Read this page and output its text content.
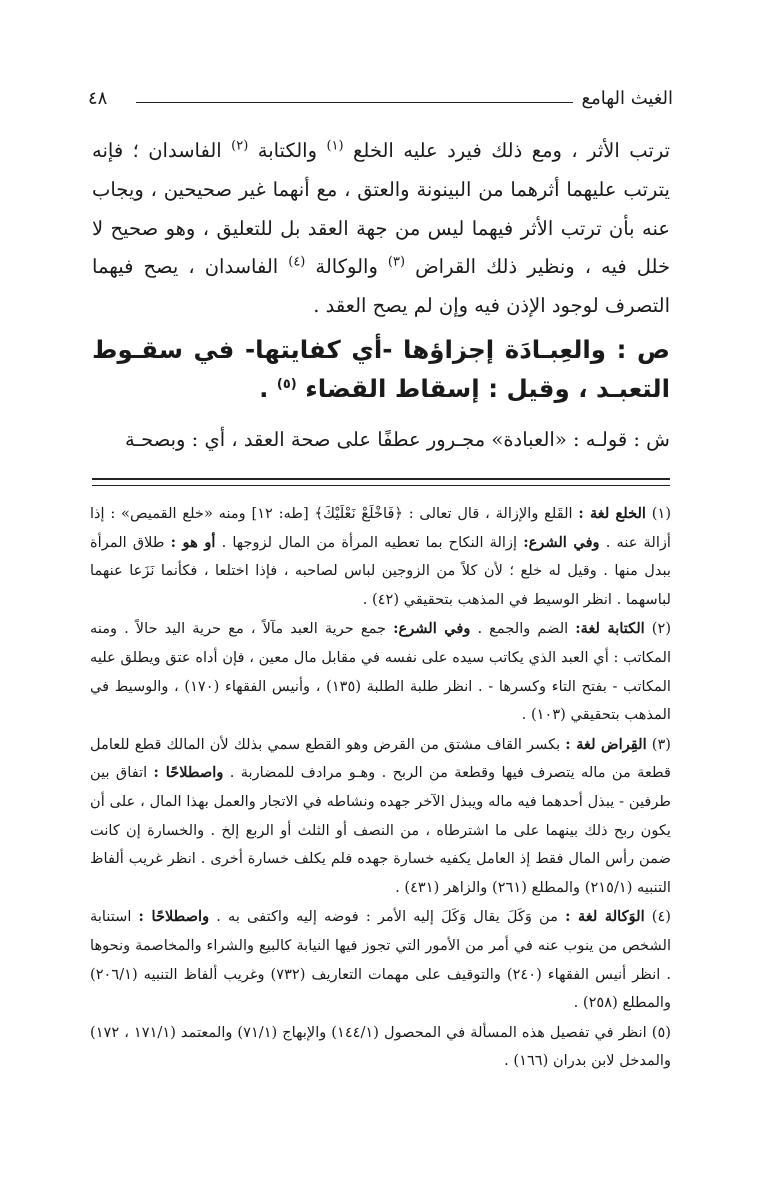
الغيث الهامع
٤٨

ترتب الأثر ، ومع ذلك فيرد عليه الخلع $^{(١)}$ والكتابة $^{(٢)}$ الفاسدان ؛ فإنه يترتب عليهما أثرهما من البينونة والعتق ، مع أنهما غير صحيحين ، ويجاب عنه بأن ترتب الأثر فيهما ليس من جهة العقد بل للتعليق ، وهو صحيح لا خلل فيه ، ونظير ذلك القراض $^{(٣)}$ والوكالة $^{(٤)}$ الفاسدان ، يصح فيهما التصرف لوجود الإذن فيه وإن لم يصح العقد .

ص : والعِبـادَة إجزاؤها -أي كفايتها- في سقـوط التعبـد ، وقيل : إسقاط القضاء $^{(٥)}$ .

ش : قولـه : «العبادة» مجـرور عطفًا على صحة العقد ، أي : وبصحـة

(١) الخلع لغة : القَلع والإزالة ، قال تعالى : ﴿فَاخْلَعْ نَعْلَيْكَ﴾ [طه: ١٢] ومنه «خلع القميص» : إذا أزالة عنه . وفي الشرع: إزالة النكاح بما تعطيه المرأة من المال لزوجها . أو هو : طلاق المرأة ببدل منها . وقيل له خلع ؛ لأن كلاً من الزوجين لباس لصاحبه ، فإذا اختلعا ، فكأنما نَزَعا عنهما لباسهما . انظر الوسيط في المذهب بتحقيقي (٤٢) .

(٢) الكتابة لغة: الضم والجمع . وفي الشرع: جمع حرية العبد مآلاً ، مع حرية اليد حالاً . ومنه المكاتب : أي العبد الذي يكاتب سيده على نفسه في مقابل مال معين ، فإن أداه عتق ويطلق عليه المكاتب - بفتح التاء وكسرها - . انظر طلبة الطلبة (١٣٥) ، وأنيس الفقهاء (١٧٠) ، والوسيط في المذهب بتحقيقي (١٠٣) .

(٣) القِراض لغة : بكسر القاف مشتق من القرض وهو القطع سمي بذلك لأن المالك قطع للعامل قطعة من ماله يتصرف فيها وقطعة من الربح . وهـو مرادف للمضاربة . واصطلاحًا : اتفاق بين طرفين - يبذل أحدهما فيه ماله ويبذل الآخر جهده ونشاطه في الاتجار والعمل بهذا المال ، على أن يكون ربح ذلك بينهما على ما اشترطاه ، من النصف أو الثلث أو الربع إلخ . والخسارة إن كانت ضمن رأس المال فقط إذ العامل يكفيه خسارة جهده فلم يكلف خسارة أخرى . انظر غريب ألفاظ التنبيه (٢١٥/١) والمطلع (٢٦١) والزاهر (٤٣١) .

(٤) الوَكالة لغة : من وَكَلَ يقال وَكَلَ إليه الأمر : فوضه إليه واكتفى به . واصطلاحًا : استنابة الشخص من ينوب عنه في أمر من الأمور التي تجوز فيها النيابة كالبيع والشراء والمخاصمة ونحوها . انظر أنيس الفقهاء (٢٤٠) والتوقيف على مهمات التعاريف (٧٣٢) وغريب ألفاظ التنبيه (٢٠٦/١) والمطلع (٢٥٨) .

(٥) انظر في تفصيل هذه المسألة في المحصول (١٤٤/١) والإبهاج (٧١/١) والمعتمد (١٧١/١ ، ١٧٢) والمدخل لابن بدران (١٦٦) .
